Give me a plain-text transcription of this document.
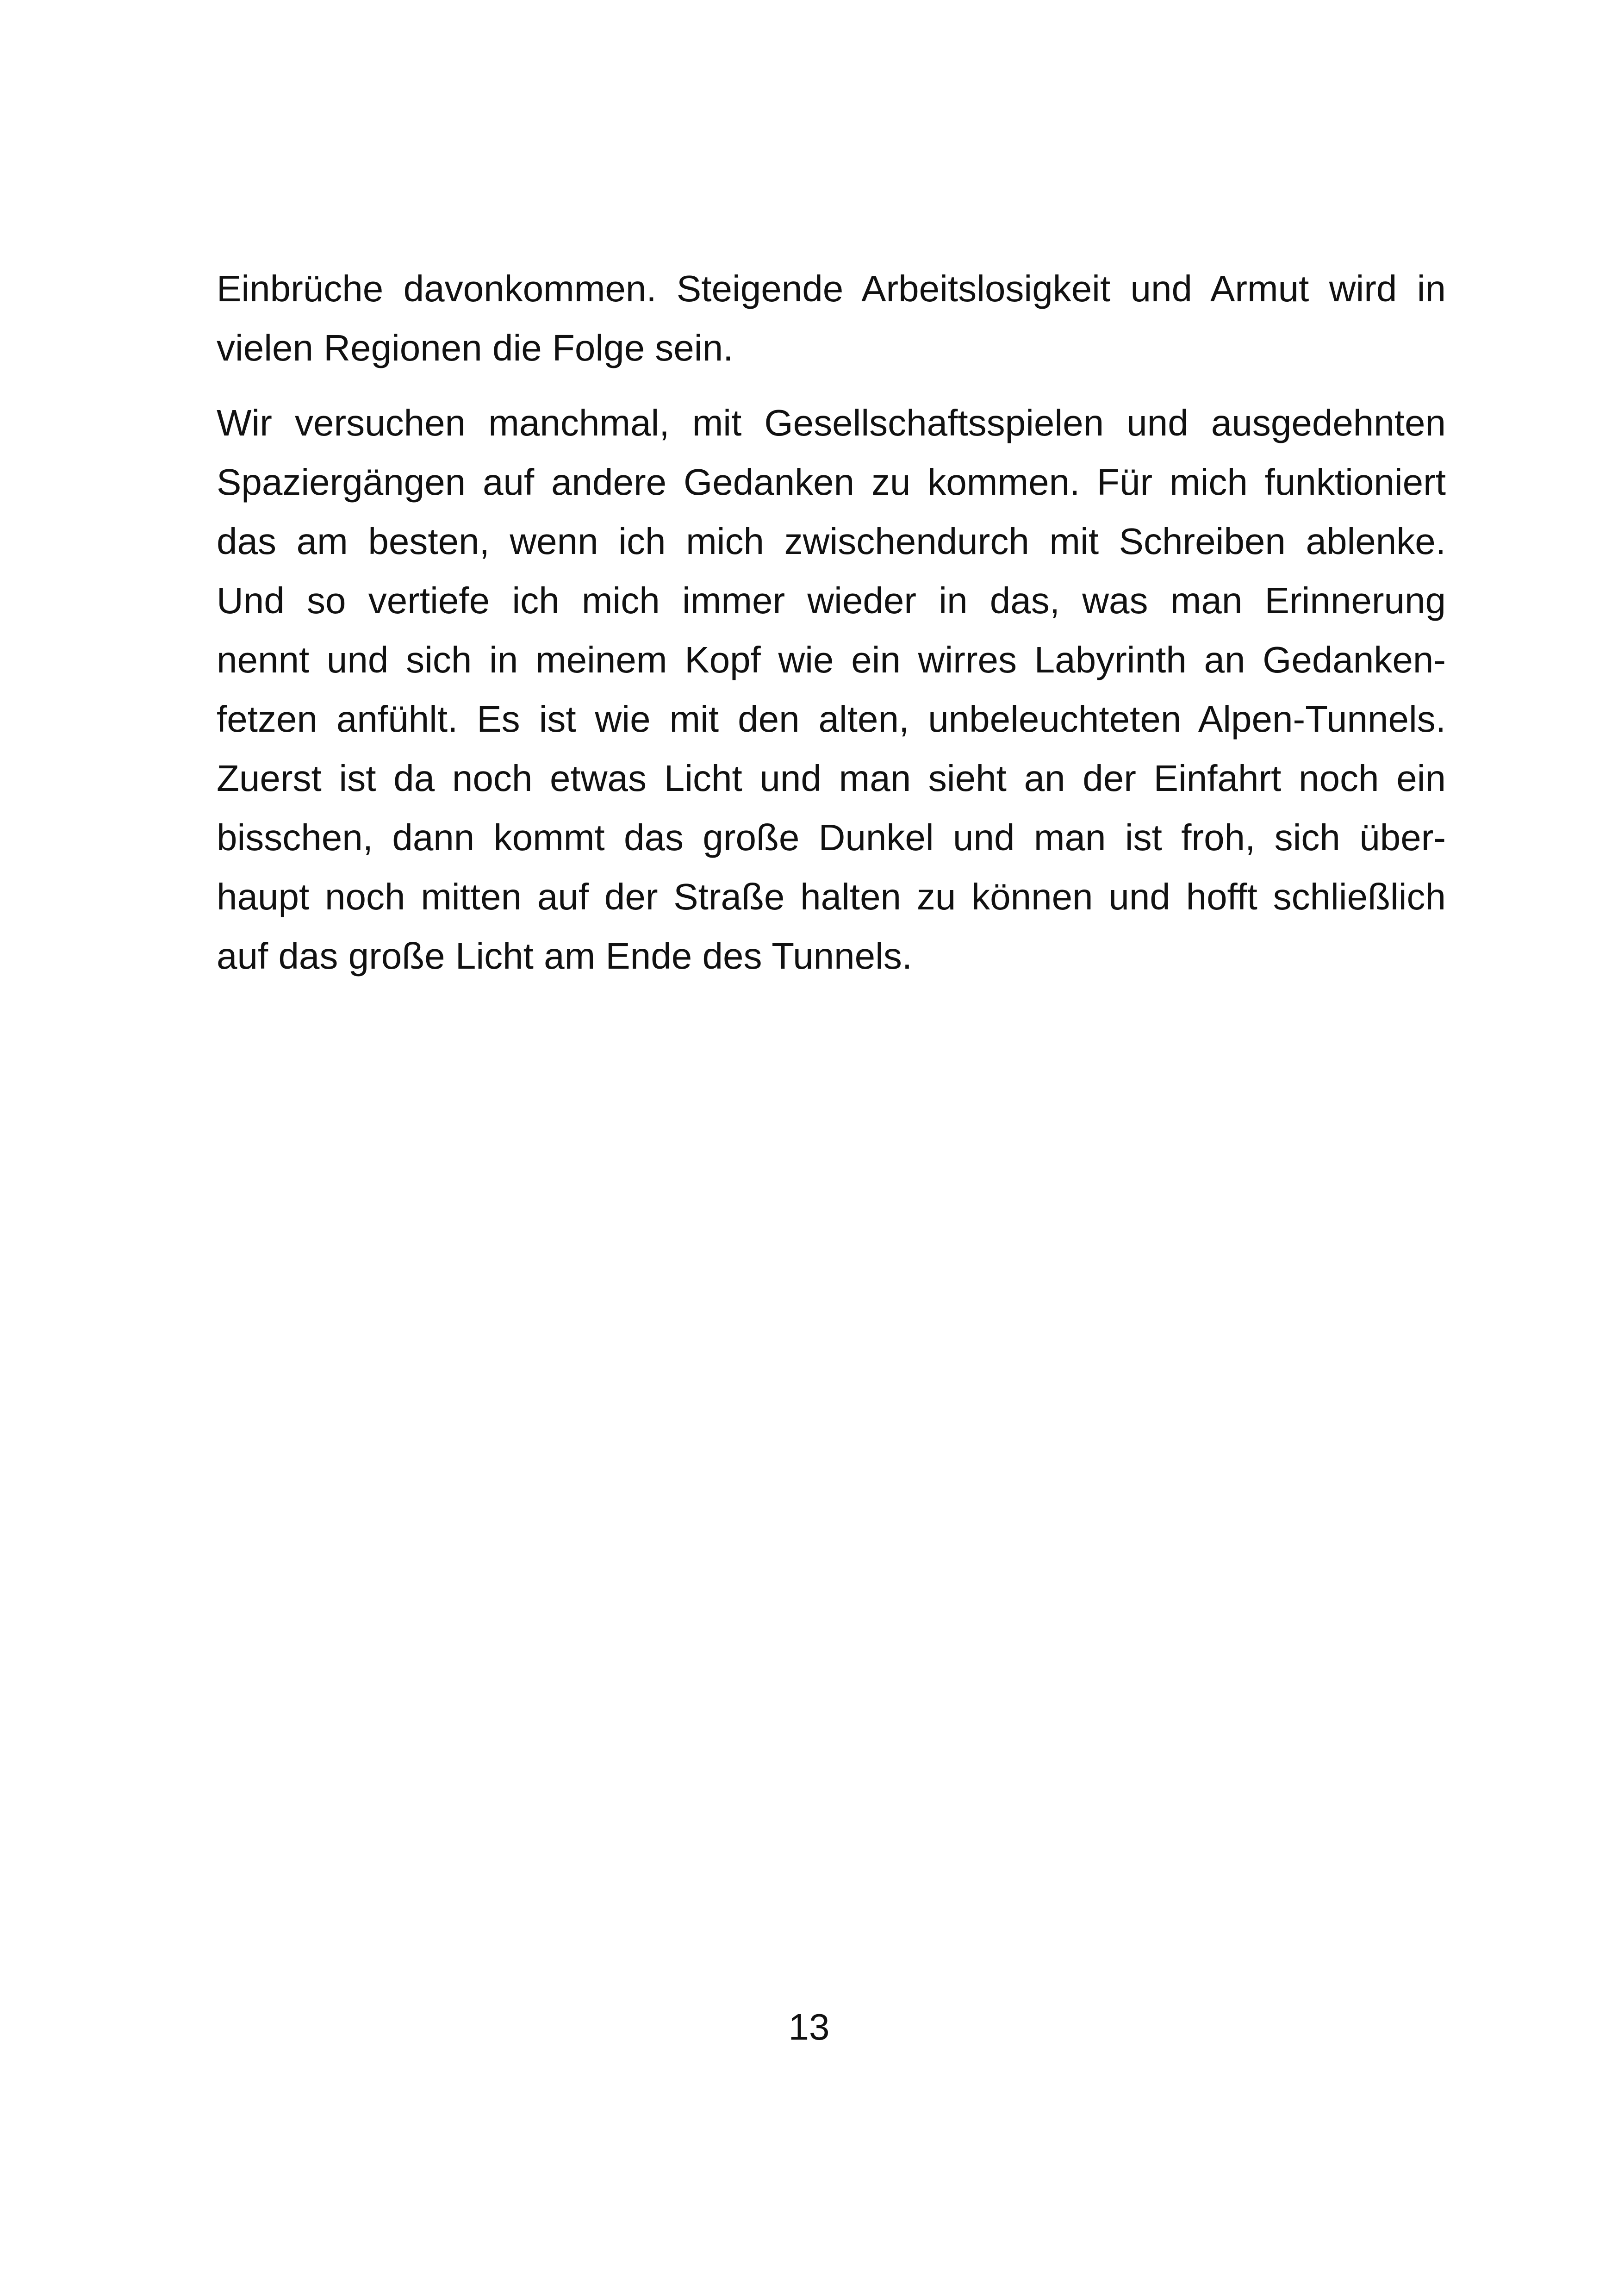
Einbrüche davonkommen. Steigende Arbeitslosigkeit und Armut wird in
vielen Regionen die Folge sein.
Wir versuchen manchmal, mit Gesellschaftsspielen und ausgedehnten
Spaziergängen auf andere Gedanken zu kommen. Für mich funktioniert
das am besten, wenn ich mich zwischendurch mit Schreiben ablenke.
Und so vertiefe ich mich immer wieder in das, was man Erinnerung
nennt und sich in meinem Kopf wie ein wirres Labyrinth an Gedanken-
fetzen anfühlt. Es ist wie mit den alten, unbeleuchteten Alpen-Tunnels.
Zuerst ist da noch etwas Licht und man sieht an der Einfahrt noch ein
bisschen, dann kommt das große Dunkel und man ist froh, sich über-
haupt noch mitten auf der Straße halten zu können und hofft schließlich
auf das große Licht am Ende des Tunnels.
13
